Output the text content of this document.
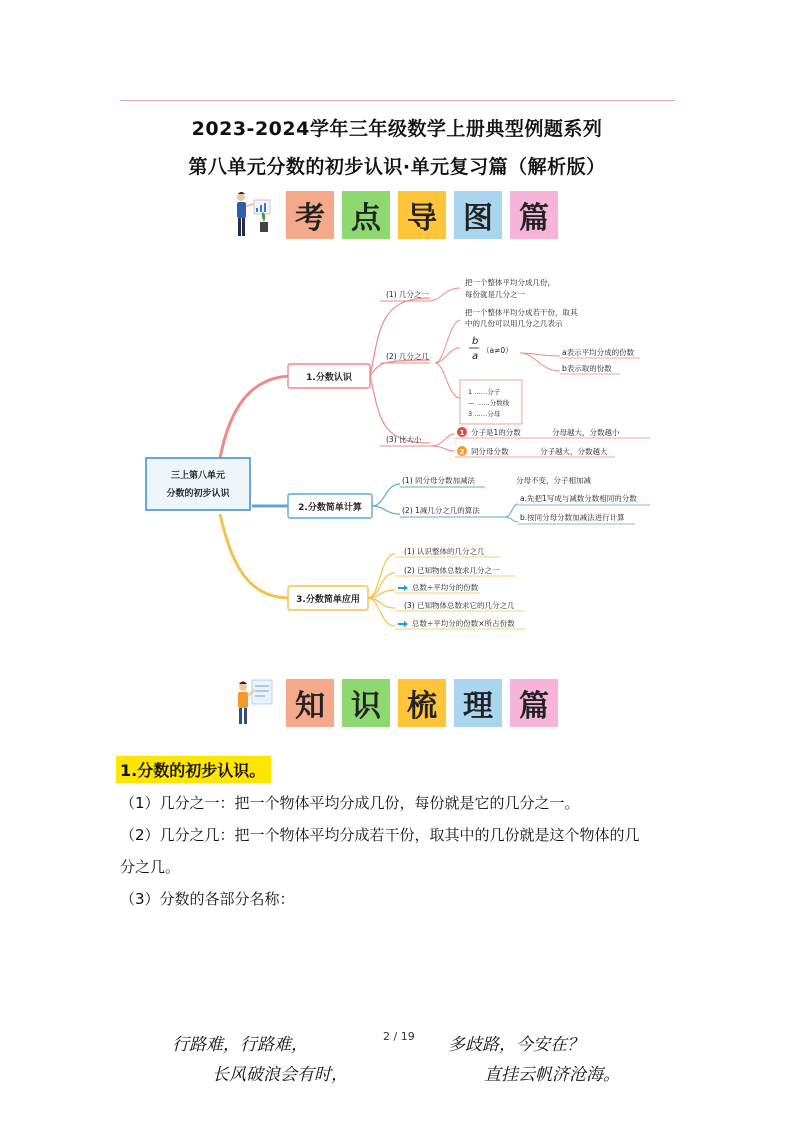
2023-2024学年三年级数学上册典型例题系列
第八单元分数的初步认识·单元复习篇（解析版）
考 点 导 图 篇
三上第八单元
分数的初步认识
1.分数认识
2.分数简单计算
3.分数简单应用
(1) 几分之一
把一个整体平均分成几份，
每份就是几分之一
(2) 几分之几
把一个整体平均分成若干份，取其
中的几份可以用几分之几表示
b
a
（a≠0）	a表示平均分成的份数
b表示取的份数
1 ……分子
— ……分数线
3 ……分母
(3) 比大小
1 分子是1的分数	分母越大，分数越小
2 同分母分数	分子越大，分数越大
(1) 同分母分数加减法	分母不变，分子相加减
(2) 1减几分之几的算法
a.先把1写成与减数分数相同的分数
b.按同分母分数加减法进行计算
(1) 认识整体的几分之几
(2) 已知物体总数求几分之一
总数÷平均分的份数
(3) 已知物体总数求它的几分之几
总数÷平均分的份数×所占份数
知 识 梳 理 篇
1.分数的初步认识。
（1）几分之一：把一个物体平均分成几份，每份就是它的几分之一。
（2）几分之几：把一个物体平均分成若干份，取其中的几份就是这个物体的几
分之几。
（3）分数的各部分名称：
行路难，行路难，	2 / 19 多歧路，今安在？
长风破浪会有时，	直挂云帆济沧海。
